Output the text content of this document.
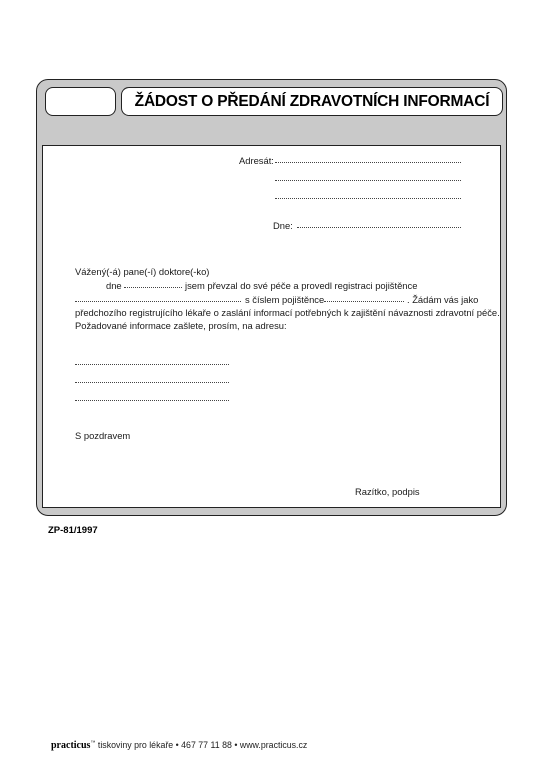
ŽÁDOST O PŘEDÁNÍ ZDRAVOTNÍCH INFORMACÍ
Adresát:
Dne:
Vážený(-á) pane(-í) doktore(-ko)
dne	jsem převzal do své péče a provedl registraci pojištěnce
s číslem pojištěnce	. Žádám vás jako
předchozího registrujícího lékaře o zaslání informací potřebných k zajištění návaznosti zdravotní péče.
Požadované informace zašlete, prosím, na adresu:
S pozdravem
Razítko, podpis
ZP-81/1997
practicus™ tiskoviny pro lékaře • 467 77 11 88 • www.practicus.cz
